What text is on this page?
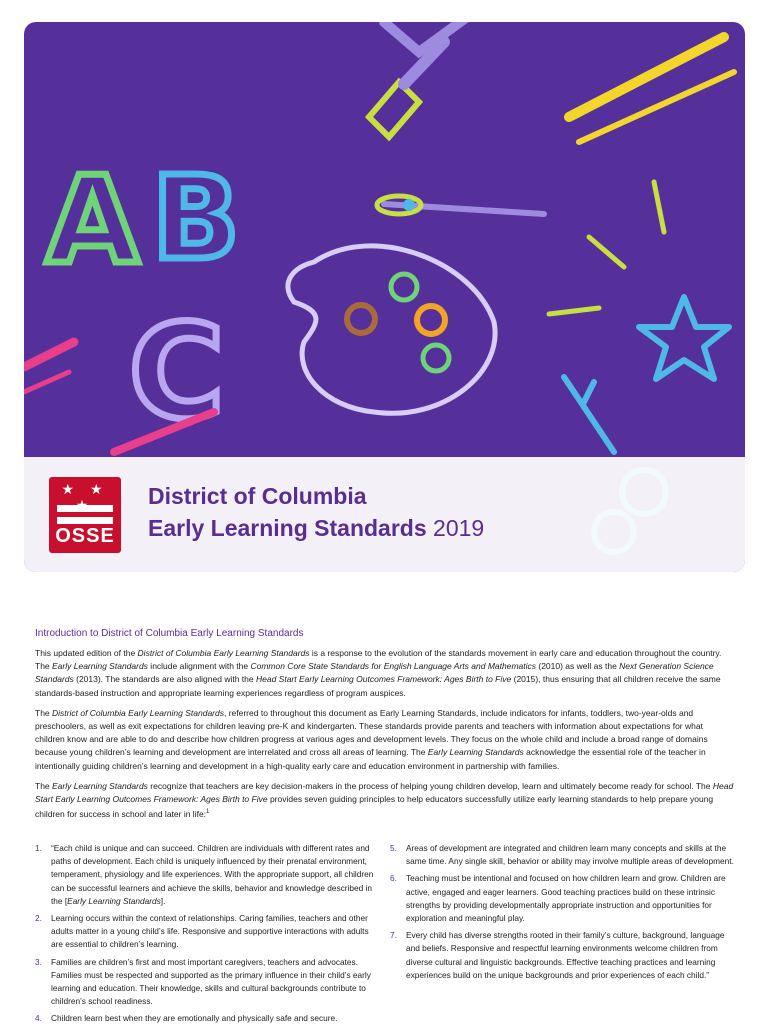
A B
C
★ ★
OSSE
District of Columbia
Early Learning Standards 2019
Introduction to District of Columbia Early Learning Standards

This updated edition of the District of Columbia Early Learning Standards is a response to the evolution of the standards movement in early care and education throughout the country. The Early Learning Standards include alignment with the Common Core State Standards for English Language Arts and Mathematics (2010) as well as the Next Generation Science Standards (2013). The standards are also aligned with the Head Start Early Learning Outcomes Framework: Ages Birth to Five (2015), thus ensuring that all children receive the same standards-based instruction and appropriate learning experiences regardless of program auspices.

The District of Columbia Early Learning Standards, referred to throughout this document as Early Learning Standards, include indicators for infants, toddlers, two-year-olds and preschoolers, as well as exit expectations for children leaving pre-K and kindergarten. These standards provide parents and teachers with information about expectations for what children know and are able to do and describe how children progress at various ages and development levels. They focus on the whole child and include a broad range of domains because young children’s learning and development are interrelated and cross all areas of learning. The Early Learning Standards acknowledge the essential role of the teacher in intentionally guiding children’s learning and development in a high-quality early care and education environment in partnership with families.

The Early Learning Standards recognize that teachers are key decision-makers in the process of helping young children develop, learn and ultimately become ready for school. The Head Start Early Learning Outcomes Framework: Ages Birth to Five provides seven guiding principles to help educators successfully utilize early learning standards to help prepare young children for success in school and later in life:$^1$

1. “Each child is unique and can succeed. Children are individuals with different rates and paths of development. Each child is uniquely influenced by their prenatal environment, temperament, physiology and life experiences. With the appropriate support, all children can be successful learners and achieve the skills, behavior and knowledge described in the [Early Learning Standards].
2. Learning occurs within the context of relationships. Caring families, teachers and other adults matter in a young child’s life. Responsive and supportive interactions with adults are essential to children’s learning.
3. Families are children’s first and most important caregivers, teachers and advocates. Families must be respected and supported as the primary influence in their child’s early learning and education. Their knowledge, skills and cultural backgrounds contribute to children’s school readiness.
4. Children learn best when they are emotionally and physically safe and secure.
5. Areas of development are integrated and children learn many concepts and skills at the same time. Any single skill, behavior or ability may involve multiple areas of development.
6. Teaching must be intentional and focused on how children learn and grow. Children are active, engaged and eager learners. Good teaching practices build on these intrinsic strengths by providing developmentally appropriate instruction and opportunities for exploration and meaningful play.
7. Every child has diverse strengths rooted in their family’s culture, background, language and beliefs. Responsive and respectful learning environments welcome children from diverse cultural and linguistic backgrounds. Effective teaching practices and learning experiences build on the unique backgrounds and prior experiences of each child.”
